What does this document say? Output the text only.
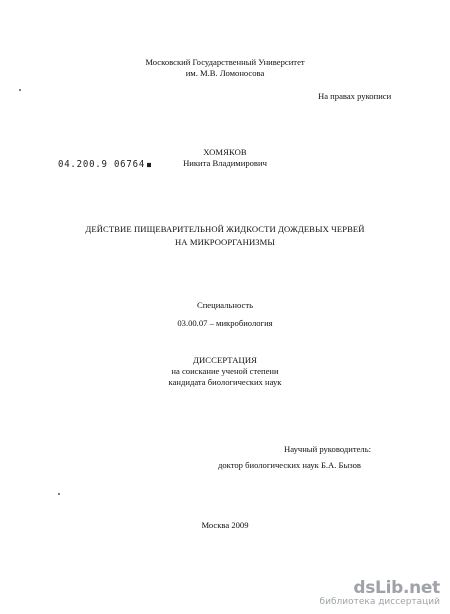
Московский Государственный Университет
им. М.В. Ломоносова
На правах рукописи
ХОМЯКОВ
Никита Владимирович
04.200.9 06764
ДЕЙСТВИЕ ПИЩЕВАРИТЕЛЬНОЙ ЖИДКОСТИ ДОЖДЕВЫХ ЧЕРВЕЙ
НА МИКРООРГАНИЗМЫ
Специальность
03.00.07 – микробиология
ДИССЕРТАЦИЯ
на соискание ученой степени
кандидата биологических наук
Научный руководитель:
доктор биологических наук Б.А. Бызов
Москва 2009
dsLib.net
библиотека диссертаций
